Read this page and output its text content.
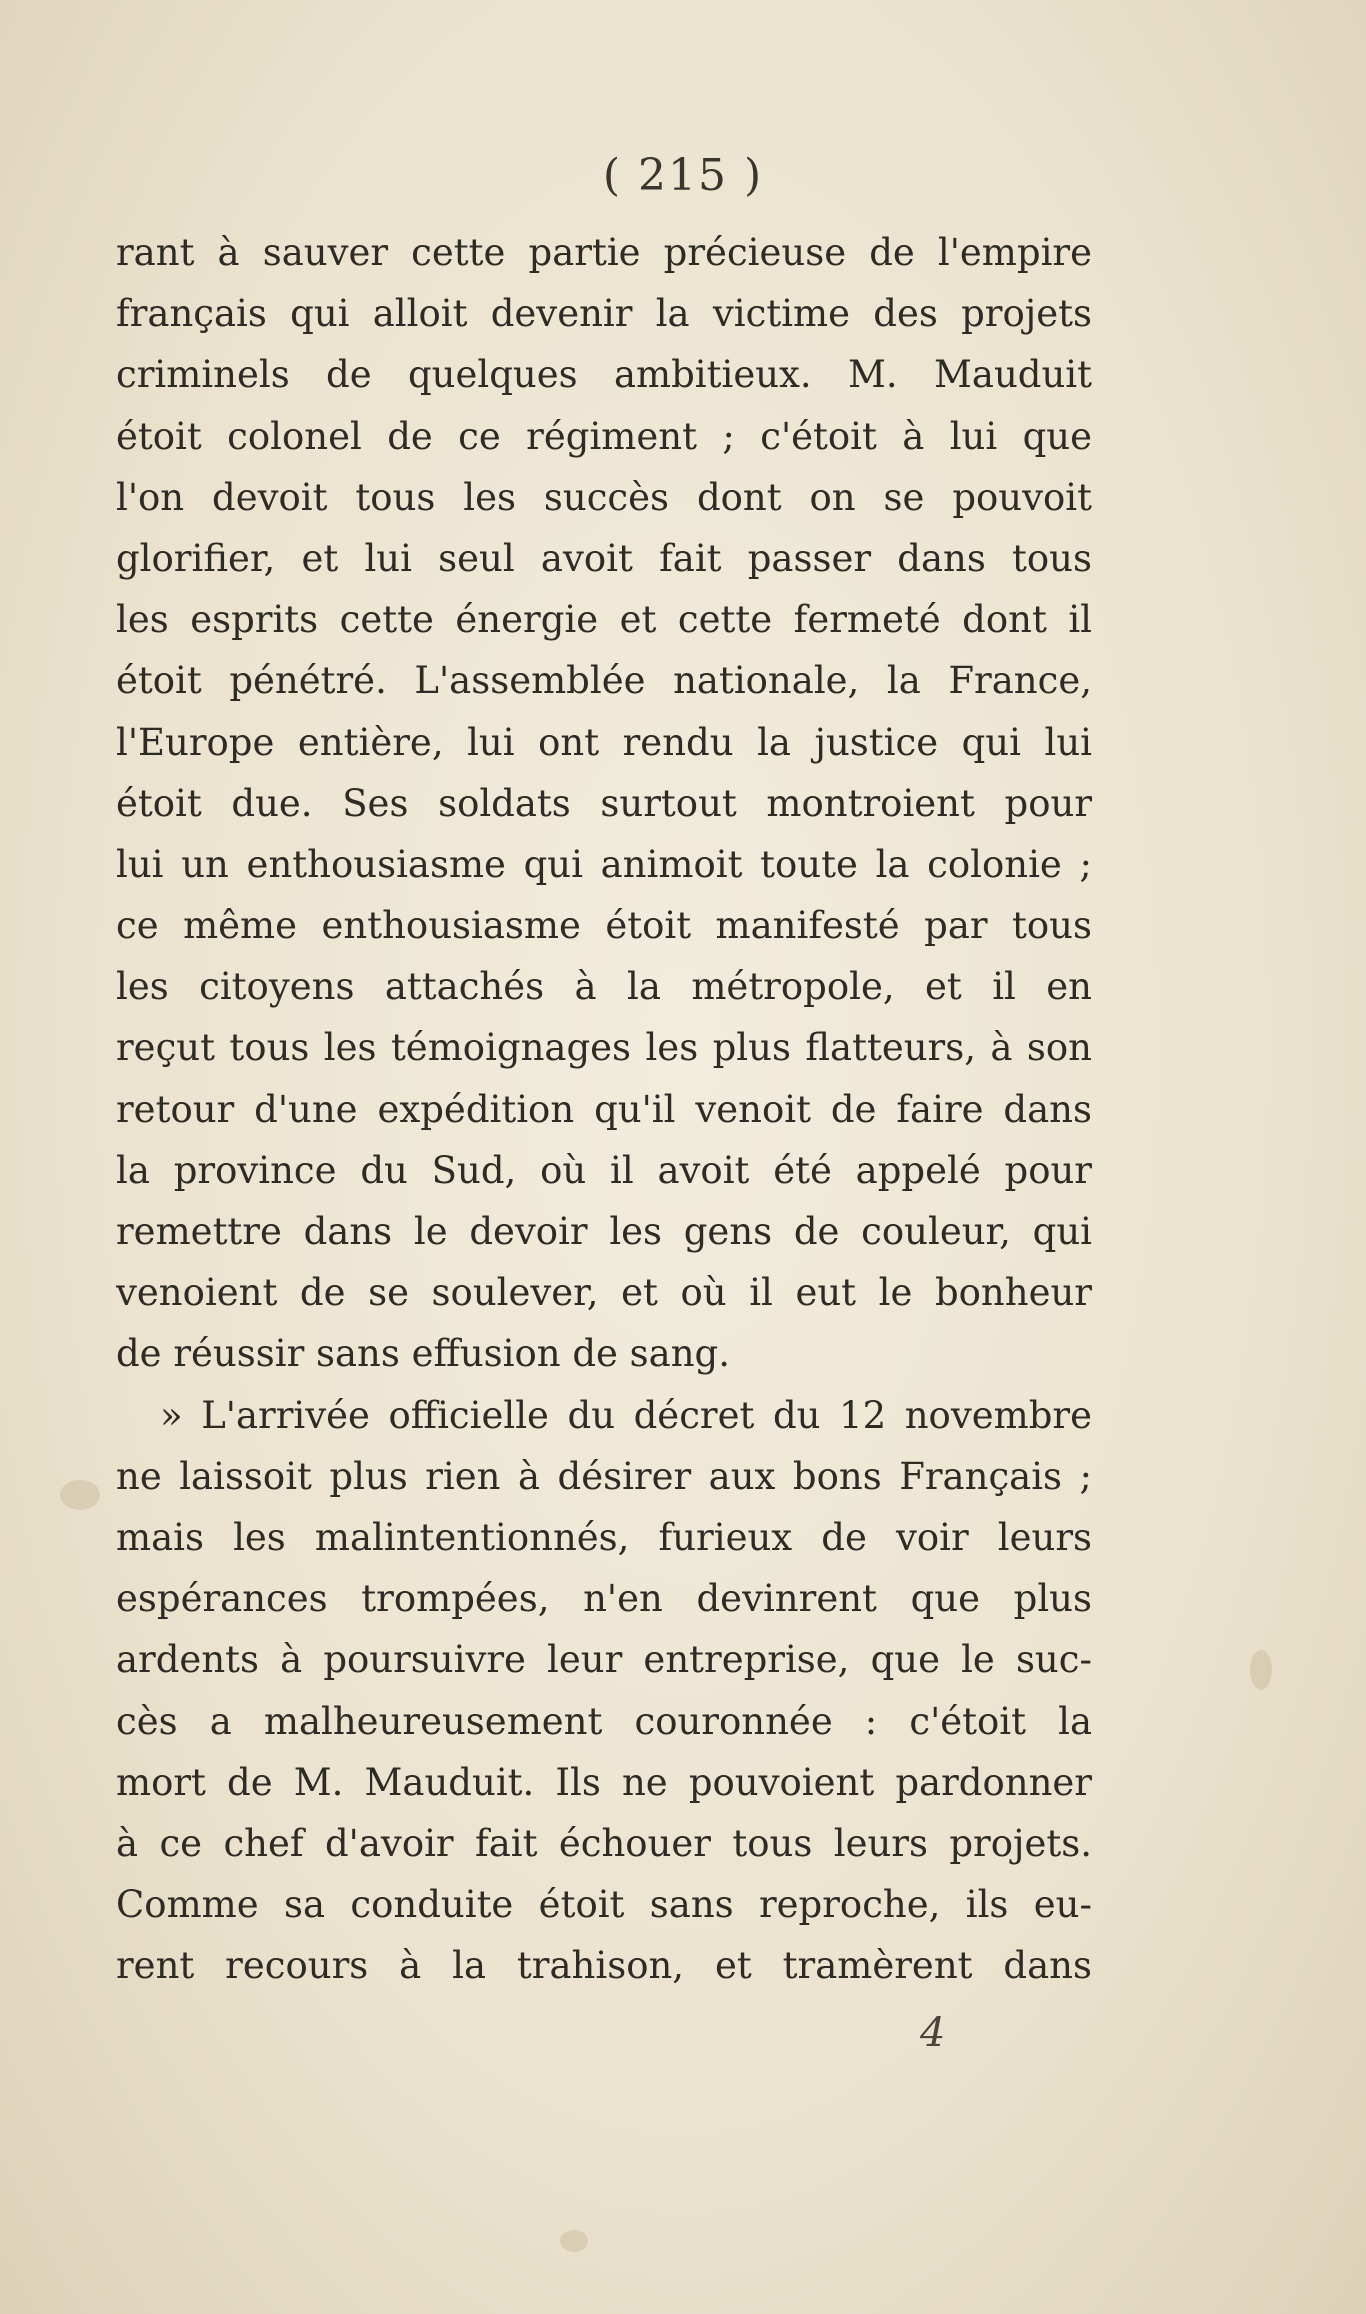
( 215 )
rant à sauver cette partie précieuse de l'empire
français qui alloit devenir la victime des projets
criminels de quelques ambitieux. M. Mauduit
étoit colonel de ce régiment ; c'étoit à lui que
l'on devoit tous les succès dont on se pouvoit
glorifier, et lui seul avoit fait passer dans tous
les esprits cette énergie et cette fermeté dont il
étoit pénétré. L'assemblée nationale, la France,
l'Europe entière, lui ont rendu la justice qui lui
étoit due. Ses soldats surtout montroient pour
lui un enthousiasme qui animoit toute la colonie ;
ce même enthousiasme étoit manifesté par tous
les citoyens attachés à la métropole, et il en
reçut tous les témoignages les plus flatteurs, à son
retour d'une expédition qu'il venoit de faire dans
la province du Sud, où il avoit été appelé pour
remettre dans le devoir les gens de couleur, qui
venoient de se soulever, et où il eut le bonheur
de réussir sans effusion de sang.
» L'arrivée officielle du décret du 12 novembre
ne laissoit plus rien à désirer aux bons Français ;
mais les malintentionnés, furieux de voir leurs
espérances trompées, n'en devinrent que plus
ardents à poursuivre leur entreprise, que le suc-
cès a malheureusement couronnée : c'étoit la
mort de M. Mauduit. Ils ne pouvoient pardonner
à ce chef d'avoir fait échouer tous leurs projets.
Comme sa conduite étoit sans reproche, ils eu-
rent recours à la trahison, et tramèrent dans
4
